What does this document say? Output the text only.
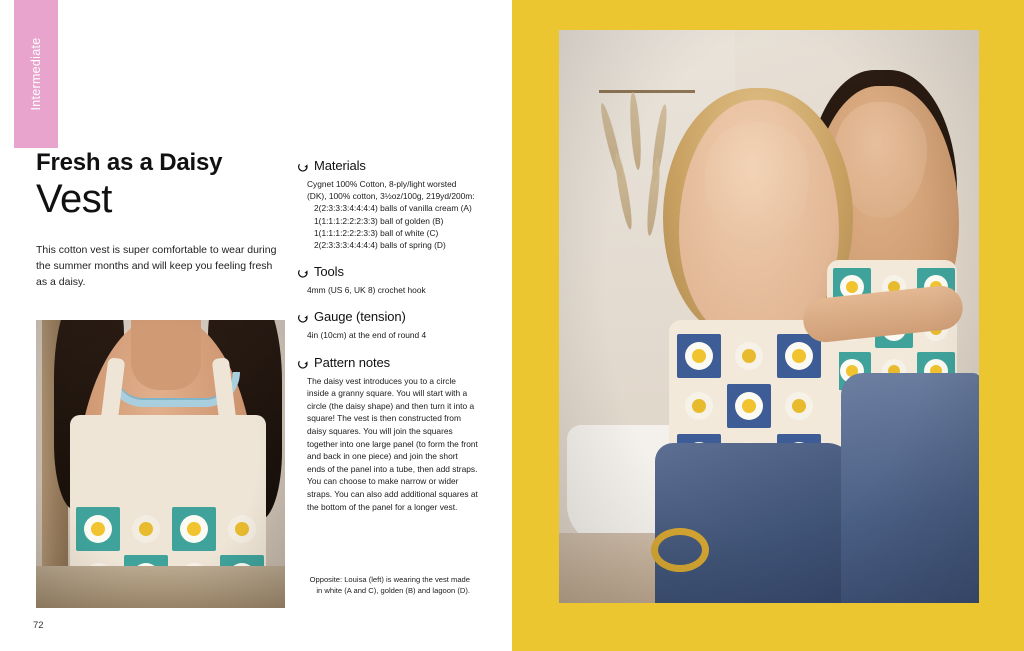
Intermediate
Fresh as a Daisy
Vest
This cotton vest is super comfortable to wear during the summer months and will keep you feeling fresh as a daisy.
72
Materials

Cygnet 100% Cotton, 8-ply/light worsted (DK), 100% cotton, 3½oz/100g, 219yd/200m:

2(2:3:3:3:4:4:4:4) balls of vanilla cream (A)

1(1:1:1:2:2:2:3:3) ball of golden (B)

1(1:1:1:2:2:2:3:3) ball of white (C)

2(2:3:3:3:4:4:4:4) balls of spring (D)

Tools

4mm (US 6, UK 8) crochet hook

Gauge (tension)

4in (10cm) at the end of round 4

Pattern notes
The daisy vest introduces you to a circle inside a granny square. You will start with a circle (the daisy shape) and then turn it into a square! The vest is then constructed from daisy squares. You will join the squares together into one large panel (to form the front and back in one piece) and join the short ends of the panel into a tube, then add straps. You can choose to make narrow or wider straps. You can also add additional squares at the bottom of the panel for a longer vest.
Opposite: Louisa (left) is wearing the vest made in white (A and C), golden (B) and lagoon (D).
